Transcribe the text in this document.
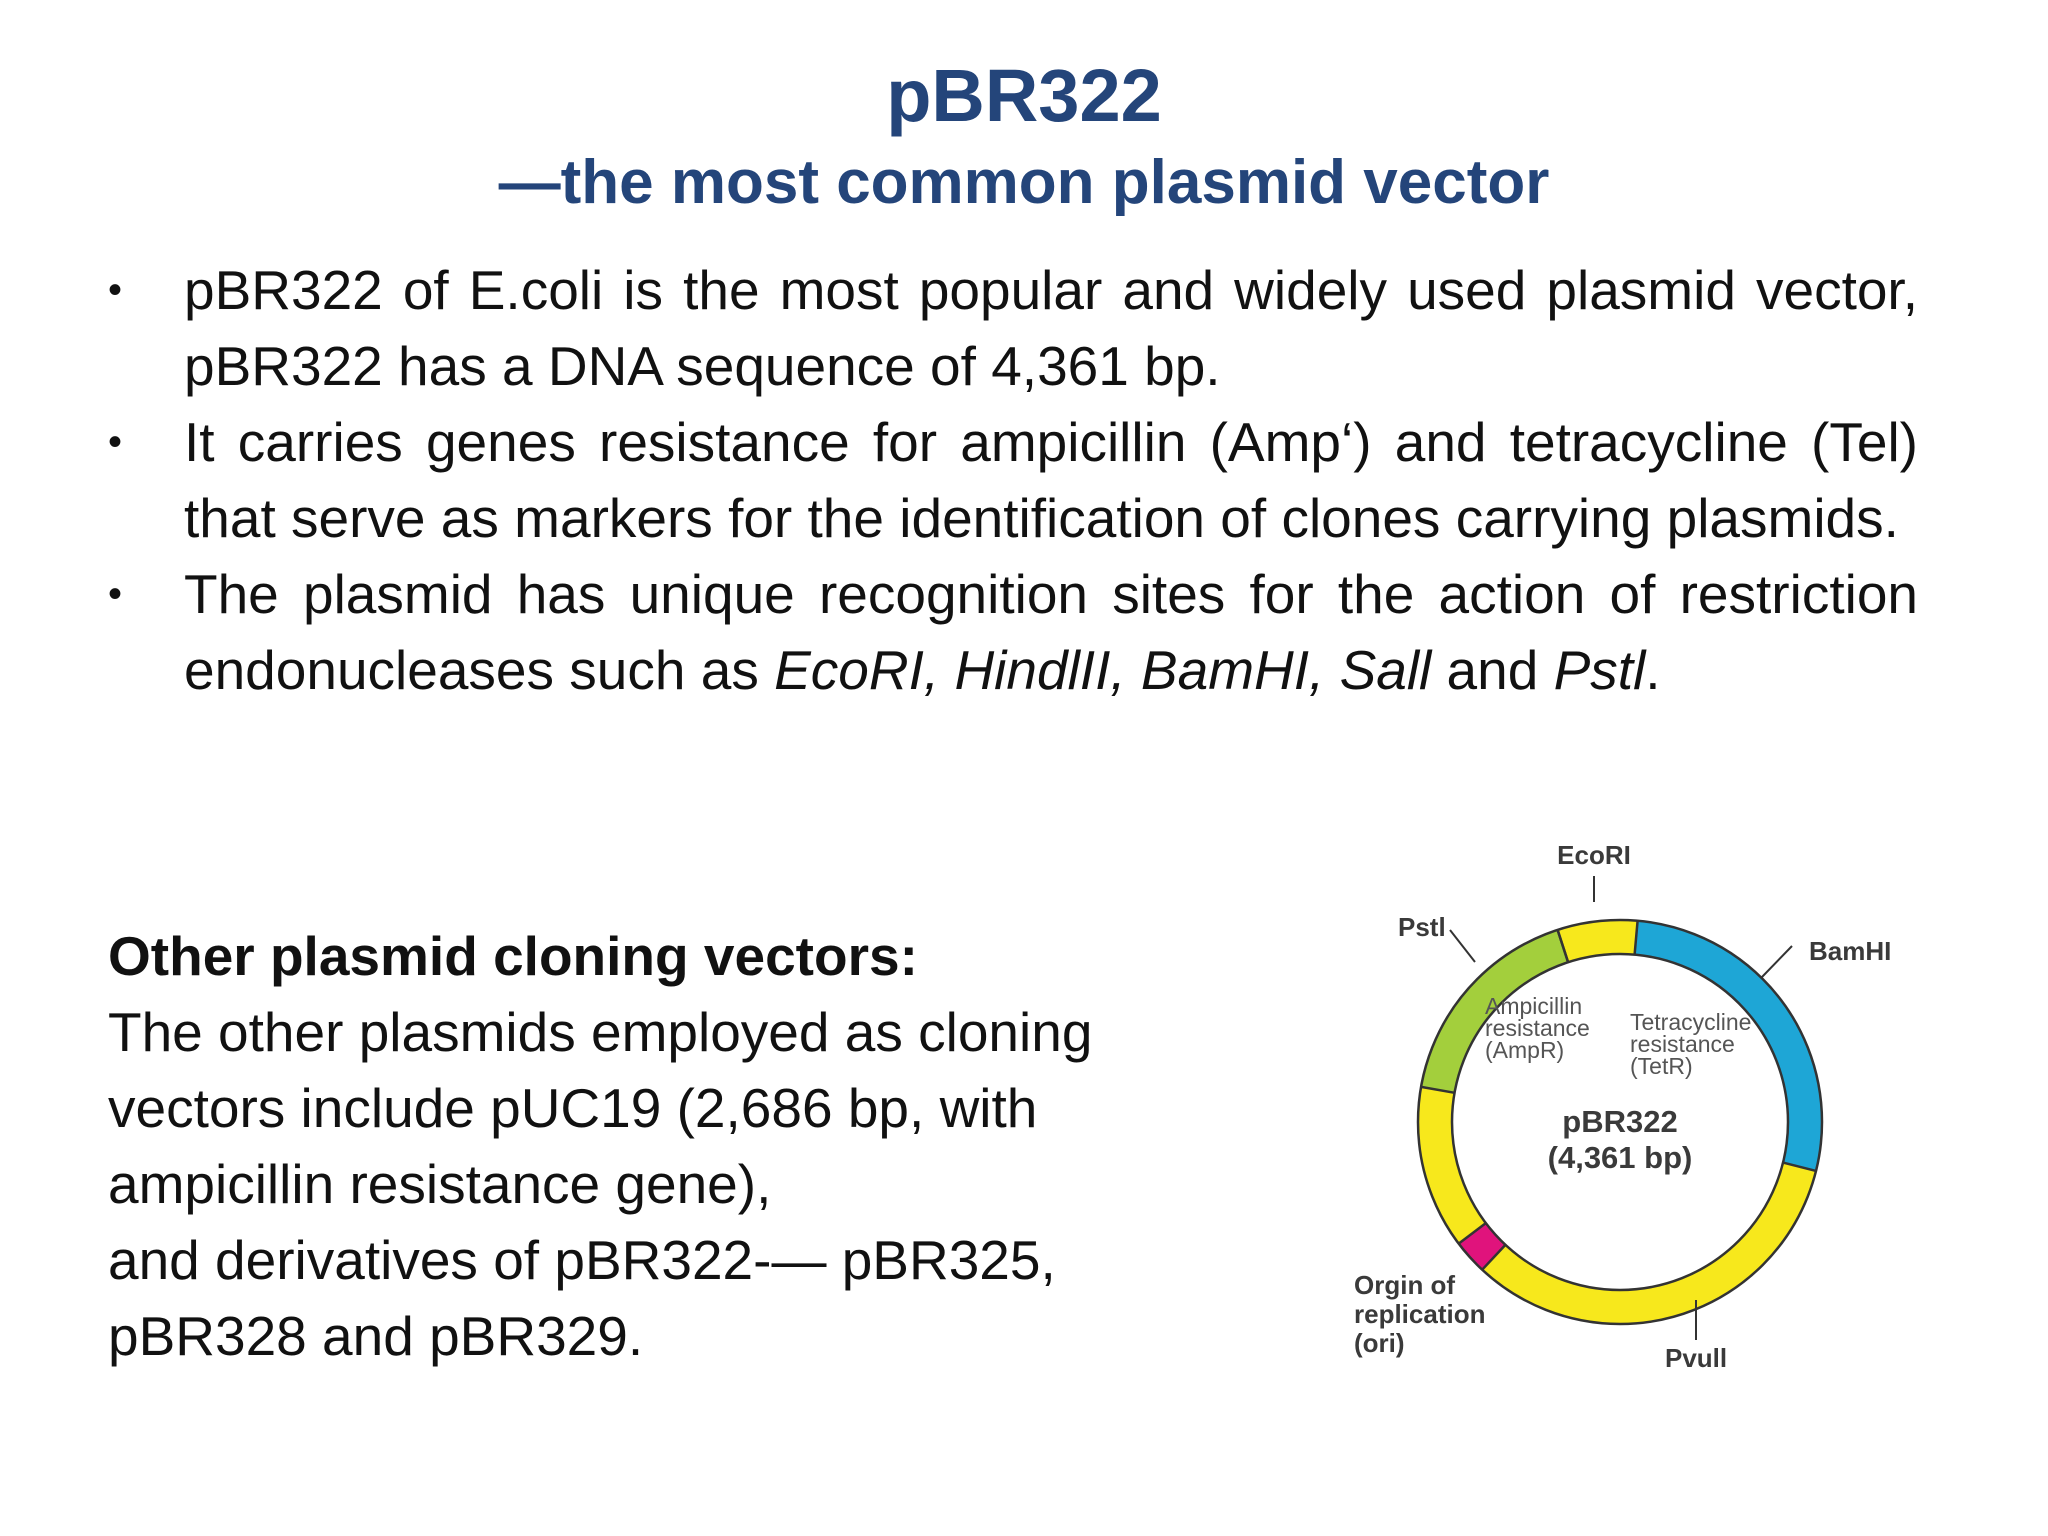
pBR322
—the most common plasmid vector
• pBR322 of E.coli is the most popular and widely used plasmid vector, pBR322 has a DNA sequence of 4,361 bp.
• It carries genes resistance for ampicillin (Amp‘) and tetracycline (Tel) that serve as markers for the identification of clones carrying plasmids.
• The plasmid has unique recognition sites for the action of restriction endonucleases such as EcoRI, HindlII, BamHI, Sall and Pstl.
Other plasmid cloning vectors:
The other plasmids employed as cloning
vectors include pUC19 (2,686 bp, with
ampicillin resistance gene),
and derivatives of pBR322-— pBR325,
pBR328 and pBR329.
EcoRI
BamHI
Pstl
Pvull
Orgin of
replication
(ori)
Ampicillin
resistance
(AmpR)
Tetracycline
resistance
(TetR)
pBR322
(4,361 bp)
